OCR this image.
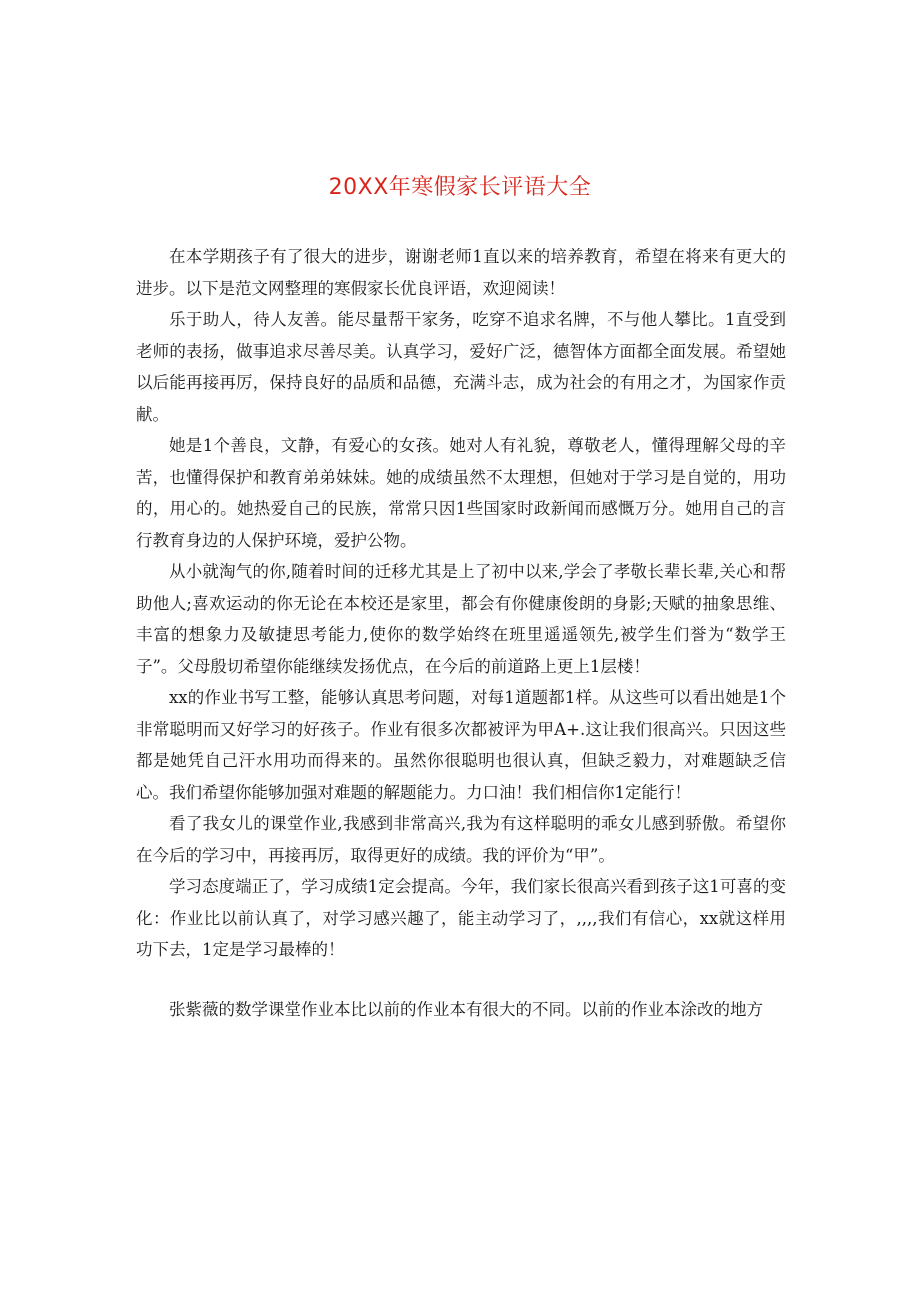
20XX年寒假家长评语大全

在本学期孩子有了很大的进步，谢谢老师1直以来的培养教育，希望在将来有更大的进步。以下是范文网整理的寒假家长优良评语，欢迎阅读！

乐于助人，待人友善。能尽量帮干家务，吃穿不追求名牌，不与他人攀比。1直受到老师的表扬，做事追求尽善尽美。认真学习，爱好广泛，德智体方面都全面发展。希望她以后能再接再厉，保持良好的品质和品德，充满斗志，成为社会的有用之才，为国家作贡献。

她是1个善良，文静，有爱心的女孩。她对人有礼貌，尊敬老人，懂得理解父母的辛苦，也懂得保护和教育弟弟妹妹。她的成绩虽然不太理想，但她对于学习是自觉的，用功的，用心的。她热爱自己的民族，常常只因1些国家时政新闻而感慨万分。她用自己的言行教育身边的人保护环境，爱护公物。

从小就淘气的你,随着时间的迁移尤其是上了初中以来,学会了孝敬长辈长辈,关心和帮助他人;喜欢运动的你无论在本校还是家里，都会有你健康俊朗的身影;天赋的抽象思维、丰富的想象力及敏捷思考能力,使你的数学始终在班里遥遥领先,被学生们誉为“数学王子”。父母殷切希望你能继续发扬优点，在今后的前道路上更上1层楼！

xx的作业书写工整，能够认真思考问题，对每1道题都1样。从这些可以看出她是1个非常聪明而又好学习的好孩子。作业有很多次都被评为甲A+.这让我们很高兴。只因这些都是她凭自己汗水用功而得来的。虽然你很聪明也很认真，但缺乏毅力，对难题缺乏信心。我们希望你能够加强对难题的解题能力。力口油！我们相信你1定能行！

看了我女儿的课堂作业,我感到非常高兴,我为有这样聪明的乖女儿感到骄傲。希望你在今后的学习中，再接再厉，取得更好的成绩。我的评价为“甲”。

学习态度端正了，学习成绩1定会提高。今年，我们家长很高兴看到孩子这1可喜的变化：作业比以前认真了，对学习感兴趣了，能主动学习了，,,,,我们有信心，xx就这样用功下去，1定是学习最棒的！

张紫薇的数学课堂作业本比以前的作业本有很大的不同。以前的作业本涂改的地方
